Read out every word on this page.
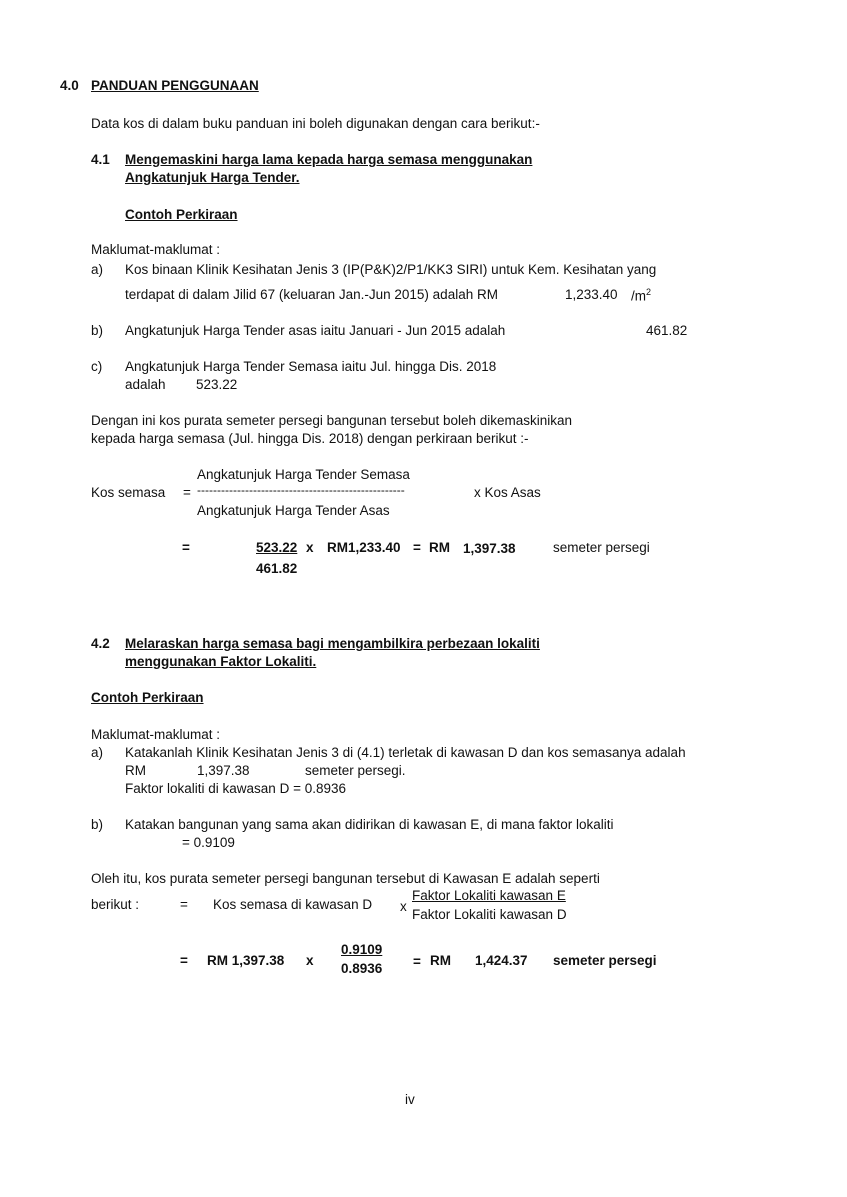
4.0 PANDUAN PENGGUNAAN
Data kos di dalam buku panduan ini boleh digunakan dengan cara berikut:-
4.1 Mengemaskini harga lama kepada harga semasa menggunakan
Angkatunjuk Harga Tender.
Contoh Perkiraan
Maklumat-maklumat :
a) Kos binaan Klinik Kesihatan Jenis 3 (IP(P&K)2/P1/KK3 SIRI) untuk Kem. Kesihatan yang
terdapat di dalam Jilid 67 (keluaran Jan.-Jun 2015) adalah RM	1,233.40 $/m^2$
b) Angkatunjuk Harga Tender asas iaitu Januari - Jun 2015 adalah	461.82
c) Angkatunjuk Harga Tender Semasa iaitu Jul. hingga Dis. 2018
adalah 523.22
Dengan ini kos purata semeter persegi bangunan tersebut boleh dikemaskinikan
kepada harga semasa (Jul. hingga Dis. 2018) dengan perkiraan berikut :-
Angkatunjuk Harga Tender Semasa
Kos semasa = ----------------------------------------------------	x Kos Asas
Angkatunjuk Harga Tender Asas
=	523.22 x RM1,233.40 = RM 1,397.38	semeter persegi
461.82
4.2 Melaraskan harga semasa bagi mengambilkira perbezaan lokaliti
menggunakan Faktor Lokaliti.
Contoh Perkiraan
Maklumat-maklumat :
a) Katakanlah Klinik Kesihatan Jenis 3 di (4.1) terletak di kawasan D dan kos semasanya adalah
RM	1,397.38	semeter persegi.
Faktor lokaliti di kawasan D = 0.8936
b) Katakan bangunan yang sama akan didirikan di kawasan E, di mana faktor lokaliti
= 0.9109
Oleh itu, kos purata semeter persegi bangunan tersebut di Kawasan E adalah seperti
berikut :	= Kos semasa di kawasan D x
Faktor Lokaliti kawasan E
Faktor Lokaliti kawasan D
= RM 1,397.38 x
0.9109
0.8936 = RM 1,424.37 semeter persegi
iv
